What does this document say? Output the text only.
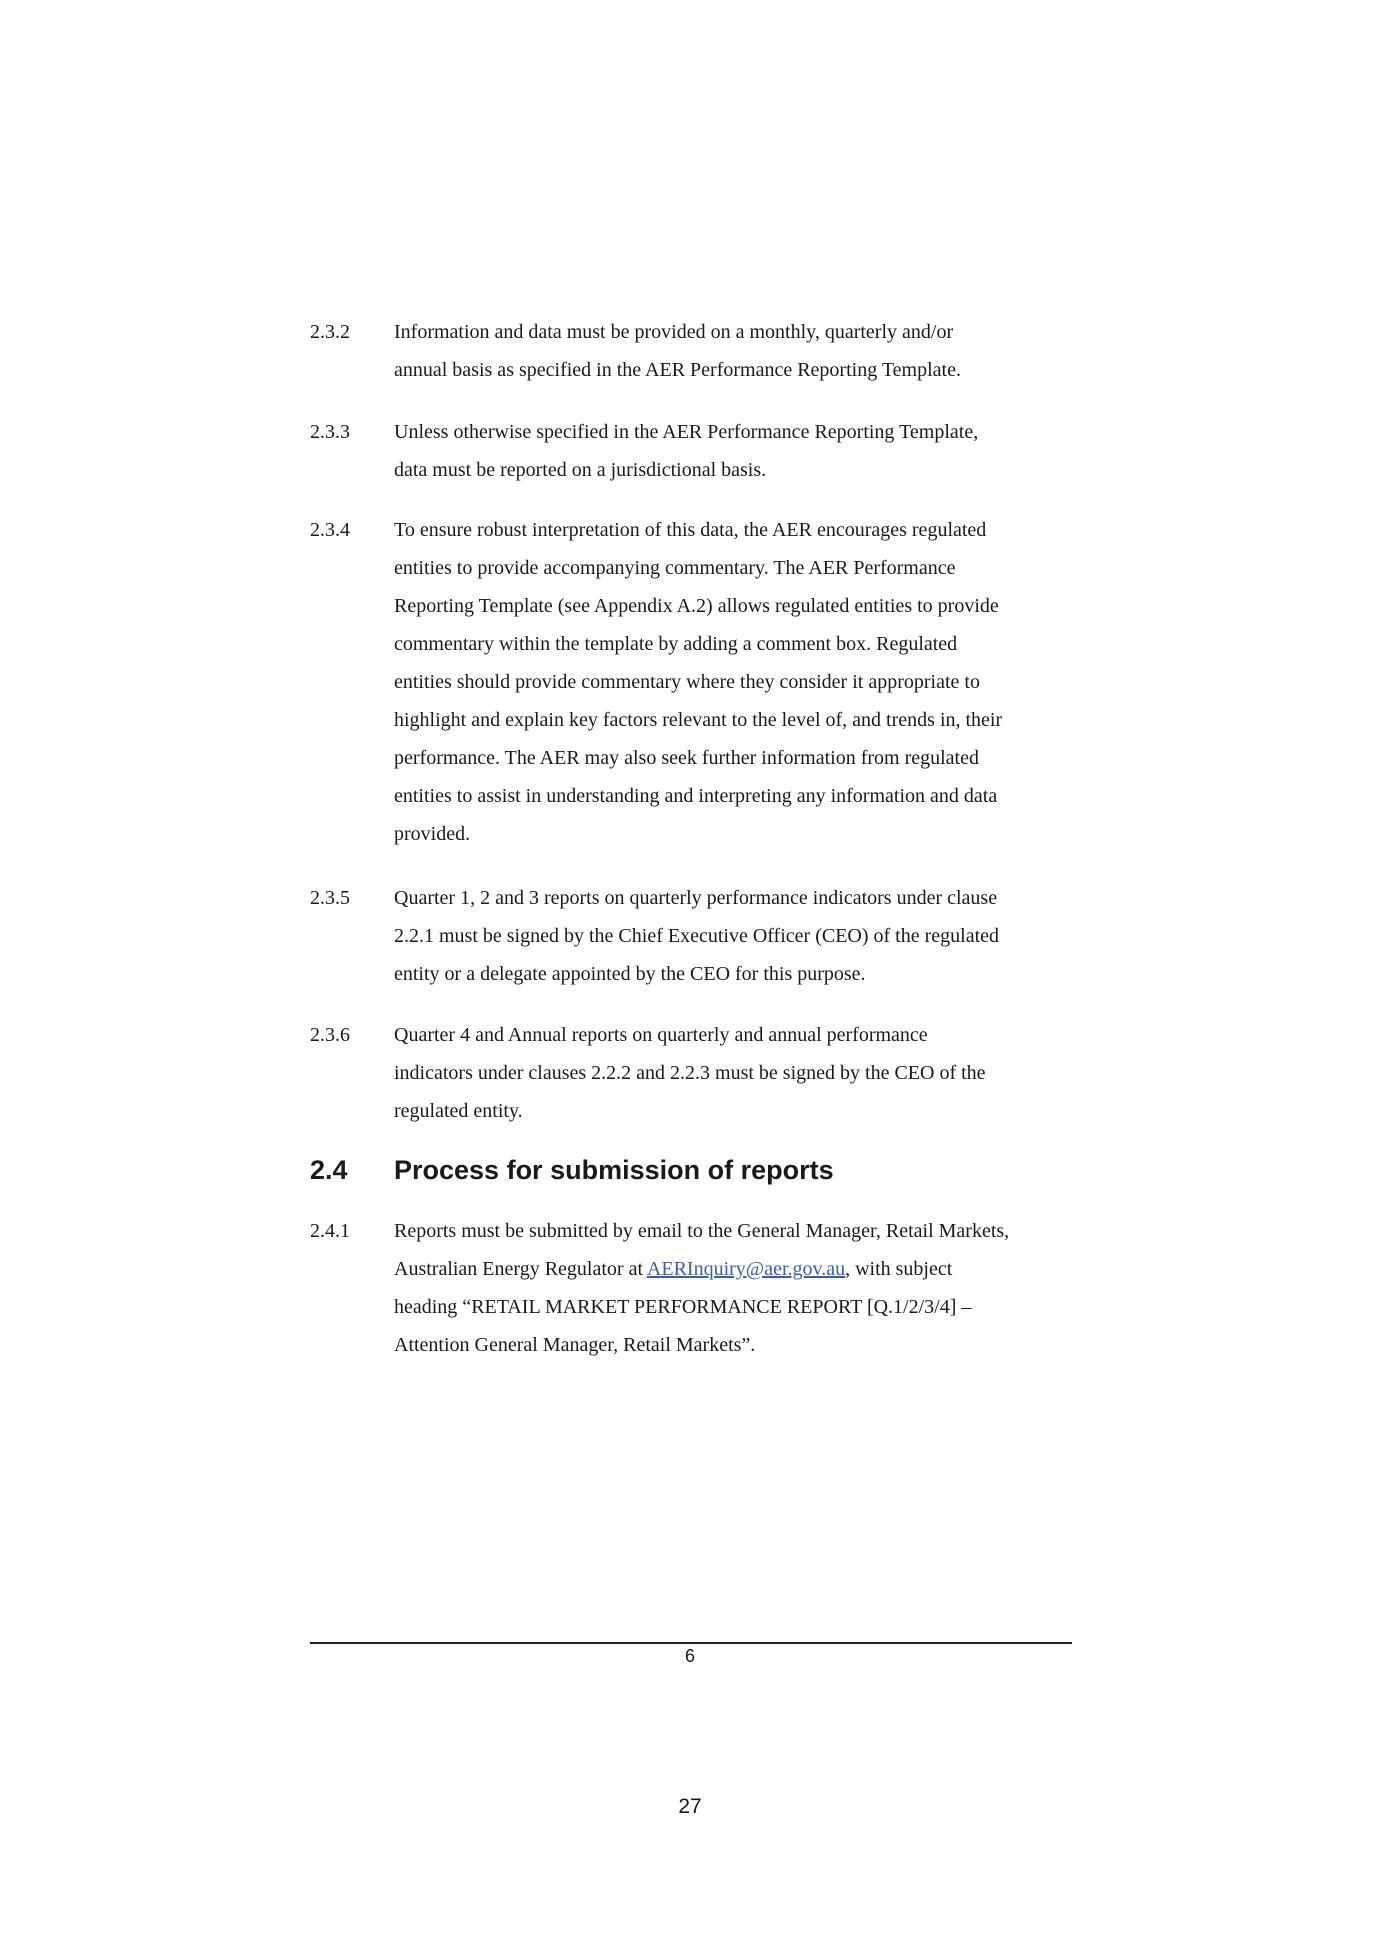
2.3.2	Information and data must be provided on a monthly, quarterly and/or

annual basis as specified in the AER Performance Reporting Template.

2.3.3	Unless otherwise specified in the AER Performance Reporting Template,

data must be reported on a jurisdictional basis.

2.3.4	To ensure robust interpretation of this data, the AER encourages regulated

entities to provide accompanying commentary. The AER Performance

Reporting Template (see Appendix A.2) allows regulated entities to provide

commentary within the template by adding a comment box. Regulated

entities should provide commentary where they consider it appropriate to

highlight and explain key factors relevant to the level of, and trends in, their

performance. The AER may also seek further information from regulated

entities to assist in understanding and interpreting any information and data

provided.

2.3.5	Quarter 1, 2 and 3 reports on quarterly performance indicators under clause

2.2.1 must be signed by the Chief Executive Officer (CEO) of the regulated

entity or a delegate appointed by the CEO for this purpose.

2.3.6	Quarter 4 and Annual reports on quarterly and annual performance

indicators under clauses 2.2.2 and 2.2.3 must be signed by the CEO of the

regulated entity.

2.4	Process for submission of reports
2.4.1	Reports must be submitted by email to the General Manager, Retail Markets,

Australian Energy Regulator at AERInquiry@aer.gov.au, with subject

heading “RETAIL MARKET PERFORMANCE REPORT [Q.1/2/3/4] –

Attention General Manager, Retail Markets”.

6
27
